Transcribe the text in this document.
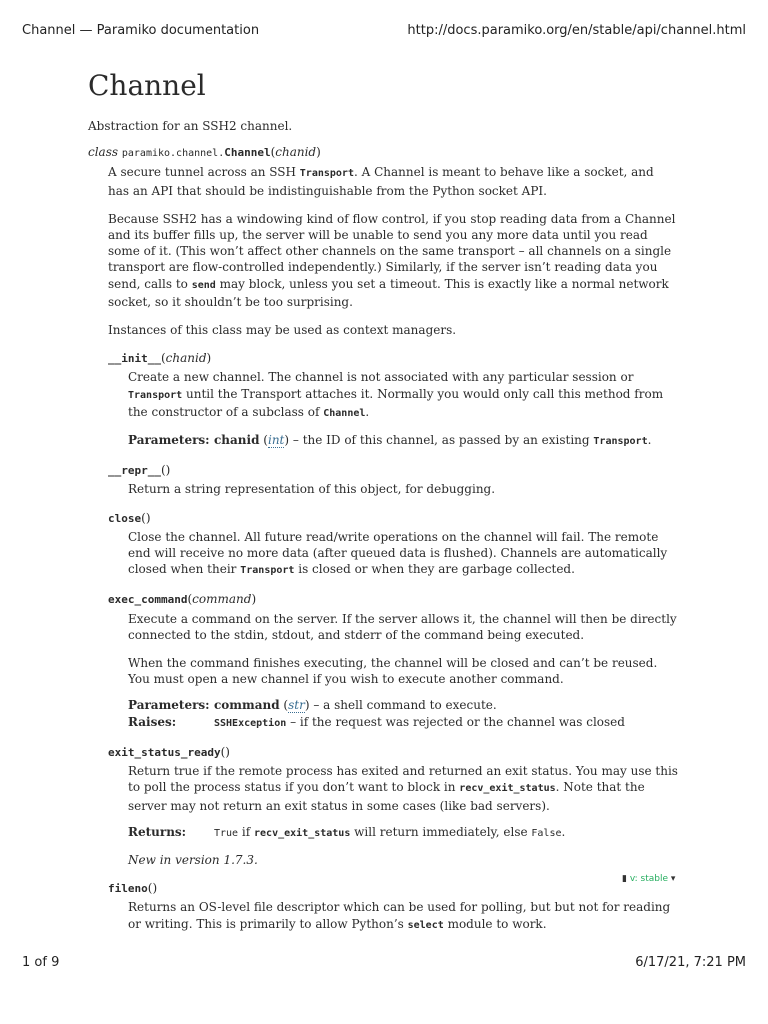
Channel — Paramiko documentation	http://docs.paramiko.org/en/stable/api/channel.html
Channel

Abstraction for an SSH2 channel.

class paramiko.channel.Channel(chanid)

A secure tunnel across an SSH Transport. A Channel is meant to behave like a socket, and has an API that should be indistinguishable from the Python socket API.

Because SSH2 has a windowing kind of flow control, if you stop reading data from a Channel and its buffer fills up, the server will be unable to send you any more data until you read some of it. (This won’t affect other channels on the same transport – all channels on a single transport are flow-controlled independently.) Similarly, if the server isn’t reading data you send, calls to send may block, unless you set a timeout. This is exactly like a normal network socket, so it shouldn’t be too surprising.

Instances of this class may be used as context managers.

__init__(chanid)

Create a new channel. The channel is not associated with any particular session or Transport until the Transport attaches it. Normally you would only call this method from the constructor of a subclass of Channel.

Parameters: chanid (int) – the ID of this channel, as passed by an existing Transport.
__repr__()

Return a string representation of this object, for debugging.

close()

Close the channel. All future read/write operations on the channel will fail. The remote end will receive no more data (after queued data is flushed). Channels are automatically closed when their Transport is closed or when they are garbage collected.

exec_command(command)

Execute a command on the server. If the server allows it, the channel will then be directly connected to the stdin, stdout, and stderr of the command being executed.

When the command finishes executing, the channel will be closed and can’t be reused. You must open a new channel if you wish to execute another command.

Parameters: command (str) – a shell command to execute.
Raises:	SSHException – if the request was rejected or the channel was closed
exit_status_ready()

Return true if the remote process has exited and returned an exit status. You may use this to poll the process status if you don’t want to block in recv_exit_status. Note that the server may not return an exit status in some cases (like bad servers).

Returns:	True if recv_exit_status will return immediately, else False.

New in version 1.7.3.

fileno()

Returns an OS-level file descriptor which can be used for polling, but but not for reading or writing. This is primarily to allow Python’s select module to work.

▮ v: stable ▾
1 of 9	6/17/21, 7:21 PM
